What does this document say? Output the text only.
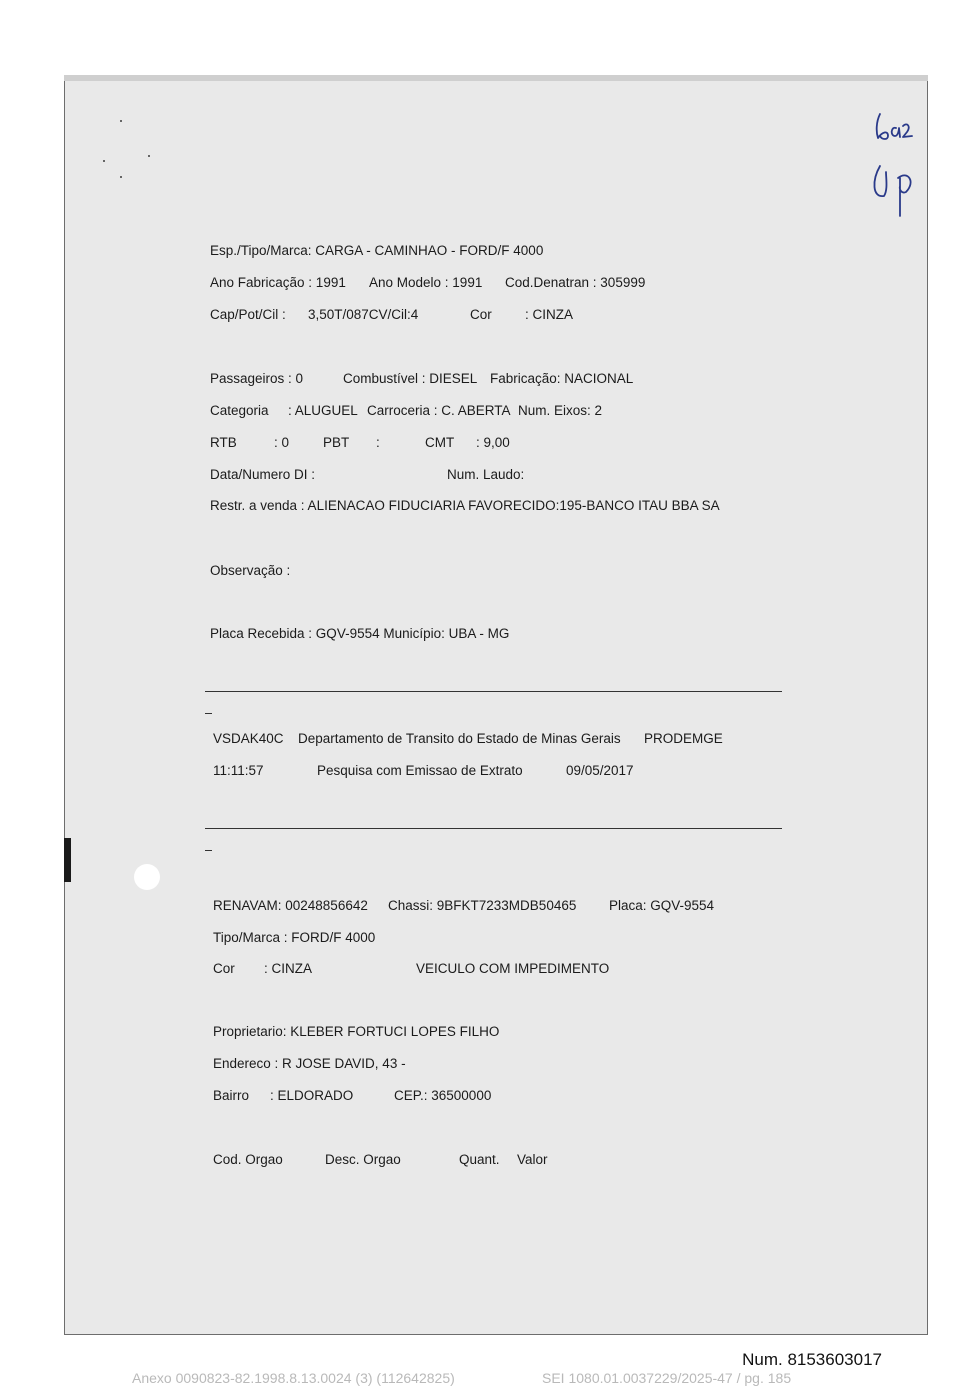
Esp./Tipo/Marca: CARGA - CAMINHAO - FORD/F 4000
Ano Fabricação : 1991 Ano Modelo : 1991 Cod.Denatran : 305999
Cap/Pot/Cil : 3,50T/087CV/Cil:4	Cor : CINZA
Passageiros : 0	Combustível : DIESEL Fabricação: NACIONAL
Categoria : ALUGUEL Carroceria : C. ABERTA Num. Eixos: 2
RTB	: 0	PBT :	CMT : 9,00
Data/Numero DI :	Num. Laudo:
Restr. a venda : ALIENACAO FIDUCIARIA FAVORECIDO:195-BANCO ITAU BBA SA
Observação :
Placa Recebida : GQV-9554 Município: UBA - MG
VSDAK40C Departamento de Transito do Estado de Minas Gerais PRODEMGE
11:11:57	Pesquisa com Emissao de Extrato	09/05/2017
RENAVAM: 00248856642 Chassi: 9BFKT7233MDB50465 Placa: GQV-9554
Tipo/Marca : FORD/F 4000
Cor : CINZA	VEICULO COM IMPEDIMENTO
Proprietario: KLEBER FORTUCI LOPES FILHO
Endereco : R JOSE DAVID, 43 -
Bairro : ELDORADO	CEP.: 36500000
Cod. Orgao	Desc. Orgao	Quant. Valor
Num. 8153603017
Anexo 0090823-82.1998.8.13.0024 (3) (112642825)	SEI 1080.01.0037229/2025-47 / pg. 185
